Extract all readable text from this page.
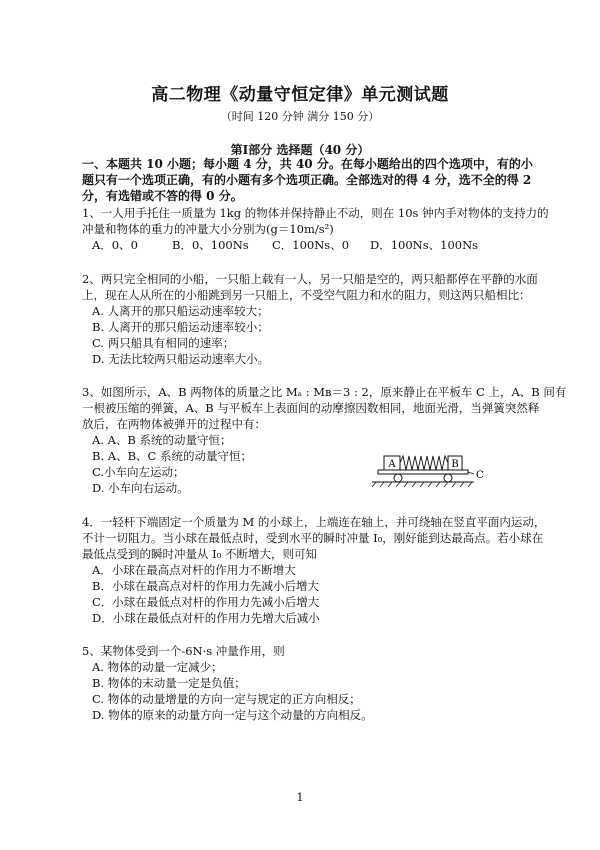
高二物理《动量守恒定律》单元测试题
（时间 120 分钟 满分 150 分）
第Ⅰ部分 选择题（40 分）
一、本题共 10 小题；每小题 4 分，共 40 分。在每小题给出的四个选项中，有的小
题只有一个选项正确，有的小题有多个选项正确。全部选对的得 4 分，选不全的得 2
分，有选错或不答的得 0 分。
1、一人用手托住一质量为 1kg 的物体并保持静止不动，则在 10s 钟内手对物体的支持力的
冲量和物体的重力的冲量大小分别为(g＝10m/s²)
A．0、0	B．0、100Ns C．100Ns、0 D．100Ns、100Ns
2、两只完全相同的小船，一只船上载有一人，另一只船是空的，两只船都停在平静的水面
上，现在人从所在的小船跳到另一只船上，不受空气阻力和水的阻力，则这两只船相比：
A. 人离开的那只船运动速率较大；
B. 人离开的那只船运动速率较小；
C. 两只船具有相同的速率；
D. 无法比较两只船运动速率大小。
3、如图所示，A、B 两物体的质量之比 Mₐ : Mʙ＝3 : 2，原来静止在平板车 C 上，A、B 间有
一根被压缩的弹簧，A、B 与平板车上表面间的动摩擦因数相同，地面光滑，当弹簧突然释
放后，在两物体被弹开的过程中有：
A. A、B 系统的动量守恒；
B. A、B、C 系统的动量守恒；
C.小车向左运动；
D. 小车向右运动。
A	B
C
4．一轻杆下端固定一个质量为 M 的小球上，上端连在轴上，并可绕轴在竖直平面内运动，
不计一切阻力。当小球在最低点时，受到水平的瞬时冲量 I₀，刚好能到达最高点。若小球在
最低点受到的瞬时冲量从 I₀ 不断增大，则可知
A．小球在最高点对杆的作用力不断增大
B．小球在最高点对杆的作用力先减小后增大
C．小球在最低点对杆的作用力先减小后增大
D．小球在最低点对杆的作用力先增大后减小
5、某物体受到一个-6N·s 冲量作用，则
A. 物体的动量一定减少；
B. 物体的末动量一定是负值；
C. 物体的动量增量的方向一定与规定的正方向相反；
D. 物体的原来的动量方向一定与这个动量的方向相反。
1
